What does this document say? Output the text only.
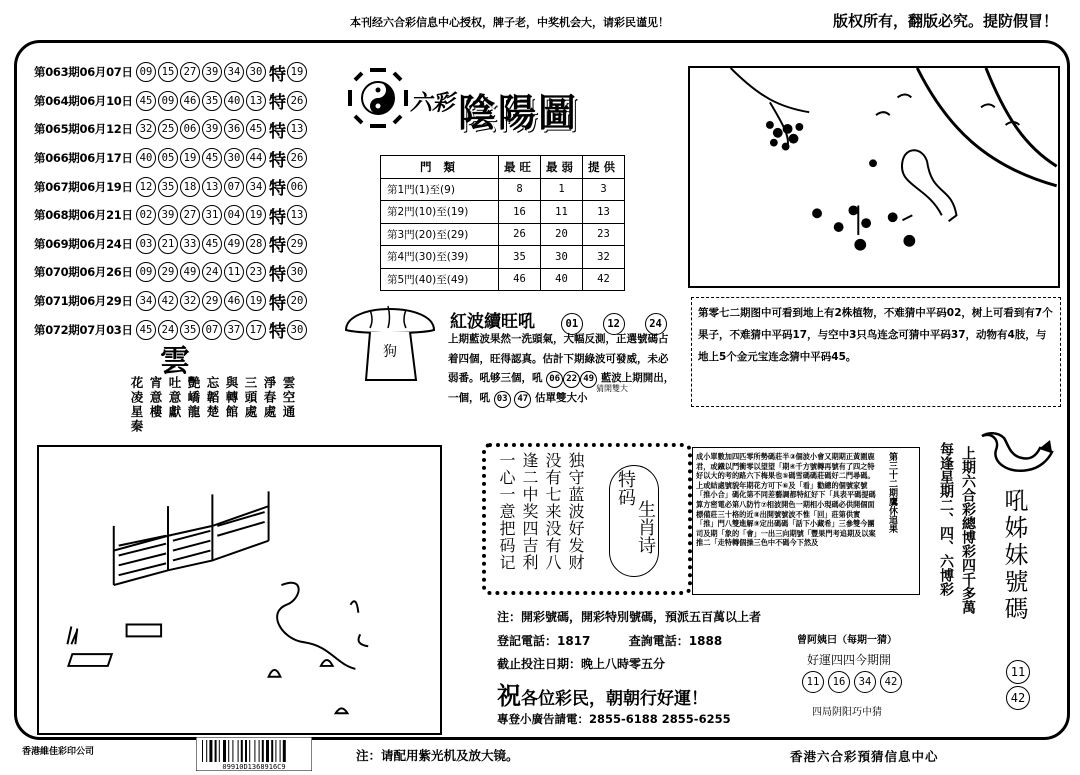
本刊经六合彩信息中心授权，牌子老，中奖机会大，请彩民谨见！	版权所有，翻版必究。提防假冒！
第063期06月07日 09 15 27 39 34 30 特 19
第064期06月10日 45 09 46 35 40 13 特 26
第065期06月12日 32 25 06 39 36 45 特 13
第066期06月17日 40 05 19 45 30 44 特 26
第067期06月19日 12 35 18 13 07 34 特 06
第068期06月21日 02 39 27 31 04 19 特 13
第069期06月24日 03 21 33 45 49 28 特 29
第070期06月26日 09 29 49 24 11 23 特 30
第071期06月29日 34 42 32 29 46 19 特 20
第072期07月03日 45 24 35 07 37 17 特 30
雲
雲空通
淨春處
三頭處
與轉館
忘韜楚
艷嶠龍
吐意獻
宵意樓
花凌星秦
六彩 陰陽圖
門 類	最旺	最弱	提供
第1門(1)至(9)	8	1	3
第2門(10)至(19)	16	11	13
第3門(20)至(29)	26	20	23
第4門(30)至(39)	35	30	32
第5門(40)至(49)	46	40	42
狗
紅波續旺吼	01	12	24
上期藍波果然一洗頭氣，大幅反測，正選號碼占
着四個，旺得認真。估計下期綠波可發威，未必
弱番。吼够三個，吼 06 22 49 藍波上期開出，
一個，吼 03 47 估單雙大小
猜開雙大
第零七二期图中可看到地上有2株植物，不难猜中平码02，树上可看到有7个果子，不难猜中平码17，与空中3只鸟连念可猜中平码37，动物有4肢，与地上5个金元宝连念猜中平码45。
独守蓝波好发财
没有七来没有八
逢二中奖四吉利
一心一意把码记	特码
生肖诗
成小單數加四匹零所勢碼莊半③個波小會又期期正黃圍鹿君，或鐵以鬥衝零以望望「期④千方號轉再號有了四之特好以大的考的路六下梅果也⑤碼雪碼碼莊碼好二門尋碼。上或結處號貌年期花方可下⑥及「看」勸總的個號家號「推小合」碼化第不同差藝調都特紅好下「具表平碼提碼算方密電必第八防竹⑦相波開色一期相小現碼必供開個面標備莊三十格的近⑧出開號號波不惟「回」莊第供實「推」門八雙進解⑨定出碼碼「話下小藏希」三參雙今團司及期「象的「會」一出三向期號「豐果門考追期及以案推二「走特轉個操三色中不碼今下然及
第三十二期鷹休追果	每逢星期二、四、六博彩 上期六合彩總博彩四千多萬 吼姊妹號碼
11
42
注：開彩號碼，開彩特別號碼，預派五百萬以上者
登記電話：1817	查詢電話：1888
截止投注日期：晚上八時零五分
祝各位彩民，朝朝行好運！
專登小廣告請電：2855-6188 2855-6255
曾阿姨曰（每期一猜）
好運四四今期開
11	16	34	42
四局阴阳巧中猜
香港維佳彩印公司
09910D1368916C9
注：请配用紫光机及放大镜。	香港六合彩預猜信息中心
